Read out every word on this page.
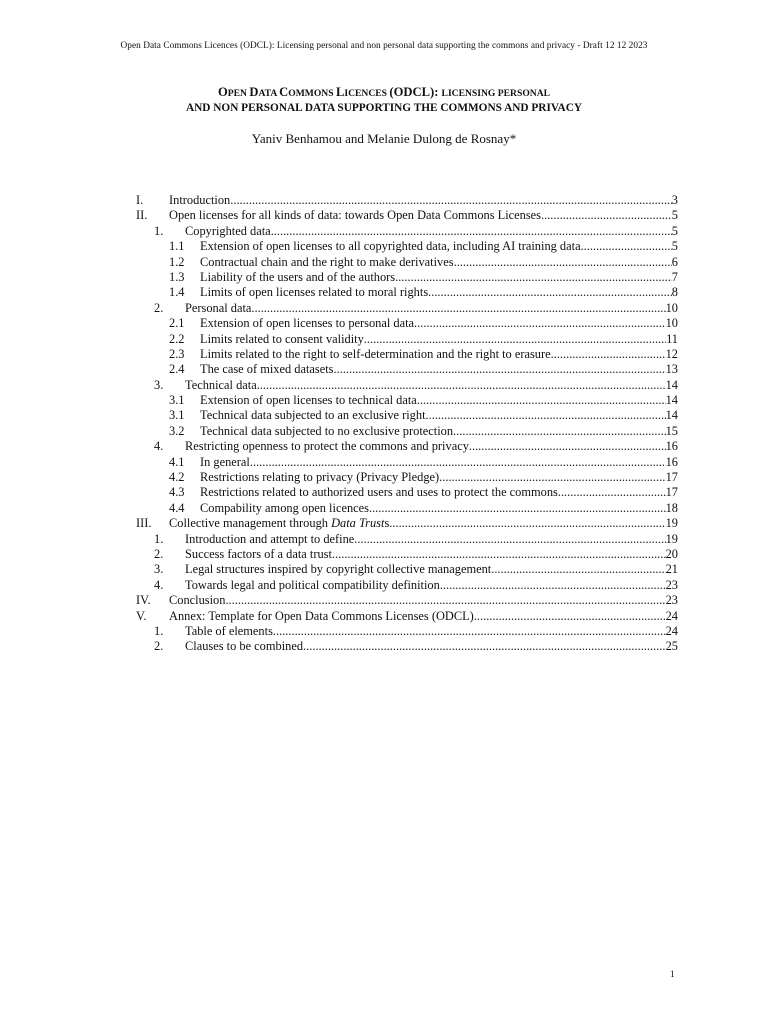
Open Data Commons Licences (ODCL): Licensing personal and non personal data supporting the commons and privacy - Draft 12 12 2023
OPEN DATA COMMONS LICENCES (ODCL): LICENSING PERSONAL
AND NON PERSONAL DATA SUPPORTING THE COMMONS AND PRIVACY
Yaniv Benhamou and Melanie Dulong de Rosnay*
I. Introduction .....	3
II. Open licenses for all kinds of data: towards Open Data Commons Licenses .....	5
1. Copyrighted data .....	5
1.1 Extension of open licenses to all copyrighted data, including AI training data .....	5
1.2 Contractual chain and the right to make derivatives .....	6
1.3 Liability of the users and of the authors .....	7
1.4 Limits of open licenses related to moral rights .....	8
2. Personal data .....	10
2.1 Extension of open licenses to personal data .....	10
2.2 Limits related to consent validity .....	11
2.3 Limits related to the right to self-determination and the right to erasure .....	12
2.4 The case of mixed datasets .....	13
3. Technical data .....	14
3.1 Extension of open licenses to technical data .....	14
3.1 Technical data subjected to an exclusive right .....	14
3.2 Technical data subjected to no exclusive protection .....	15
4. Restricting openness to protect the commons and privacy .....	16
4.1 In general .....	16
4.2 Restrictions relating to privacy (Privacy Pledge) .....	17
4.3 Restrictions related to authorized users and uses to protect the commons .....	17
4.4 Compability among open licences .....	18
III. Collective management through Data Trusts .....	19
1. Introduction and attempt to define .....	19
2. Success factors of a data trust .....	20
3. Legal structures inspired by copyright collective management .....	21
4. Towards legal and political compatibility definition .....	23
IV. Conclusion .....	23
V. Annex: Template for Open Data Commons Licenses (ODCL) .....	24
1. Table of elements .....	24
2. Clauses to be combined .....	25
1
